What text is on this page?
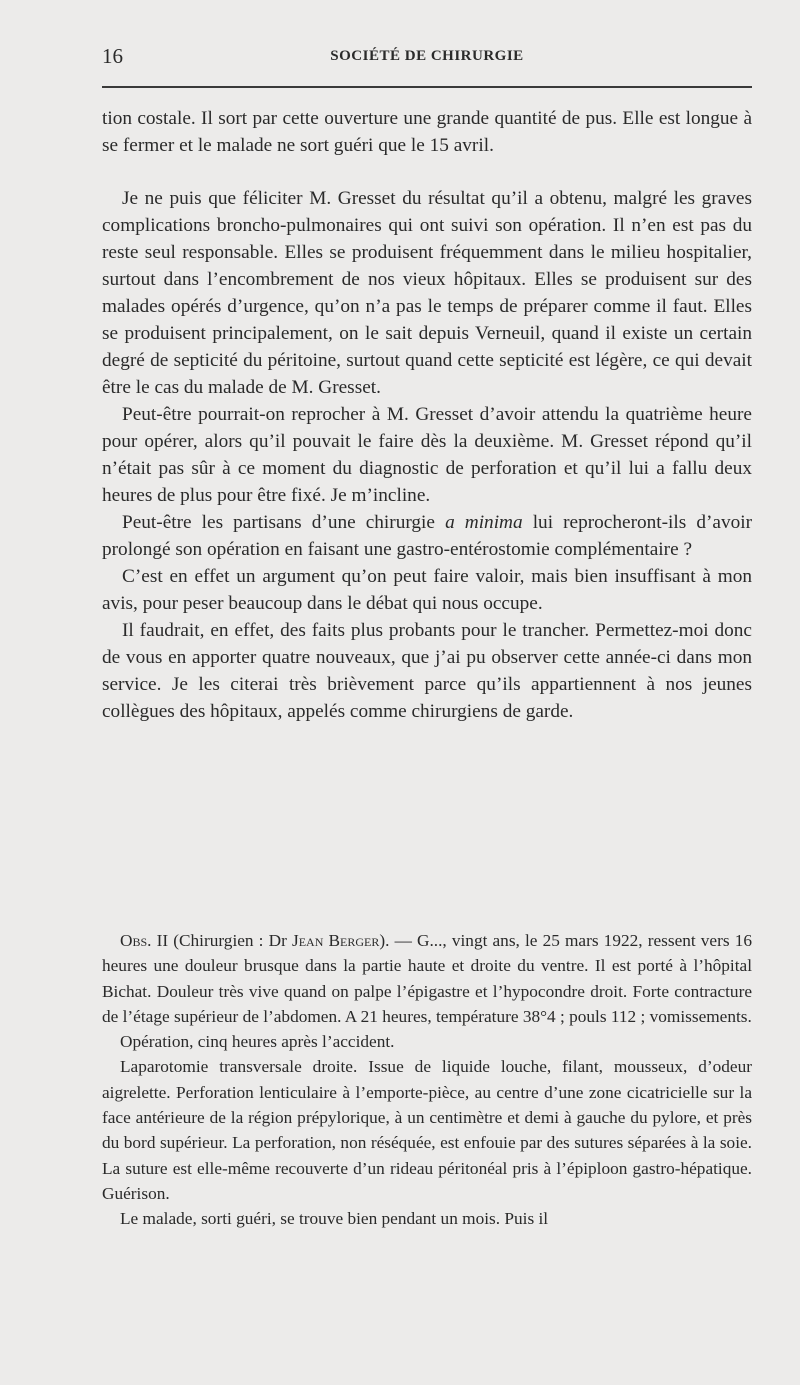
16	SOCIÉTÉ DE CHIRURGIE

tion costale. Il sort par cette ouverture une grande quantité de pus. Elle est longue à se fermer et le malade ne sort guéri que le 15 avril.

Je ne puis que féliciter M. Gresset du résultat qu’il a obtenu, malgré les graves complications broncho-pulmonaires qui ont suivi son opération. Il n’en est pas du reste seul responsable. Elles se produisent fréquemment dans le milieu hospitalier, surtout dans l’encombrement de nos vieux hôpitaux. Elles se produisent sur des malades opérés d’urgence, qu’on n’a pas le temps de préparer comme il faut. Elles se produisent principalement, on le sait depuis Verneuil, quand il existe un certain degré de septicité du péritoine, surtout quand cette septicité est légère, ce qui devait être le cas du malade de M. Gresset.

Peut-être pourrait-on reprocher à M. Gresset d’avoir attendu la quatrième heure pour opérer, alors qu’il pouvait le faire dès la deuxième. M. Gresset répond qu’il n’était pas sûr à ce moment du diagnostic de perforation et qu’il lui a fallu deux heures de plus pour être fixé. Je m’incline.

Peut-être les partisans d’une chirurgie a minima lui reprocheront-ils d’avoir prolongé son opération en faisant une gastro-entérostomie complémentaire ?

C’est en effet un argument qu’on peut faire valoir, mais bien insuffisant à mon avis, pour peser beaucoup dans le débat qui nous occupe.

Il faudrait, en effet, des faits plus probants pour le trancher. Permettez-moi donc de vous en apporter quatre nouveaux, que j’ai pu observer cette année-ci dans mon service. Je les citerai très brièvement parce qu’ils appartiennent à nos jeunes collègues des hôpitaux, appelés comme chirurgiens de garde.

Obs. II (Chirurgien : Dr Jean Berger). — G..., vingt ans, le 25 mars 1922, ressent vers 16 heures une douleur brusque dans la partie haute et droite du ventre. Il est porté à l’hôpital Bichat. Douleur très vive quand on palpe l’épigastre et l’hypocondre droit. Forte contracture de l’étage supérieur de l’abdomen. A 21 heures, température 38°4 ; pouls 112 ; vomissements.

Opération, cinq heures après l’accident.

Laparotomie transversale droite. Issue de liquide louche, filant, mousseux, d’odeur aigrelette. Perforation lenticulaire à l’emporte-pièce, au centre d’une zone cicatricielle sur la face antérieure de la région prépylorique, à un centimètre et demi à gauche du pylore, et près du bord supérieur. La perforation, non réséquée, est enfouie par des sutures séparées à la soie. La suture est elle-même recouverte d’un rideau péritonéal pris à l’épiploon gastro-hépatique. Guérison.

Le malade, sorti guéri, se trouve bien pendant un mois. Puis il
